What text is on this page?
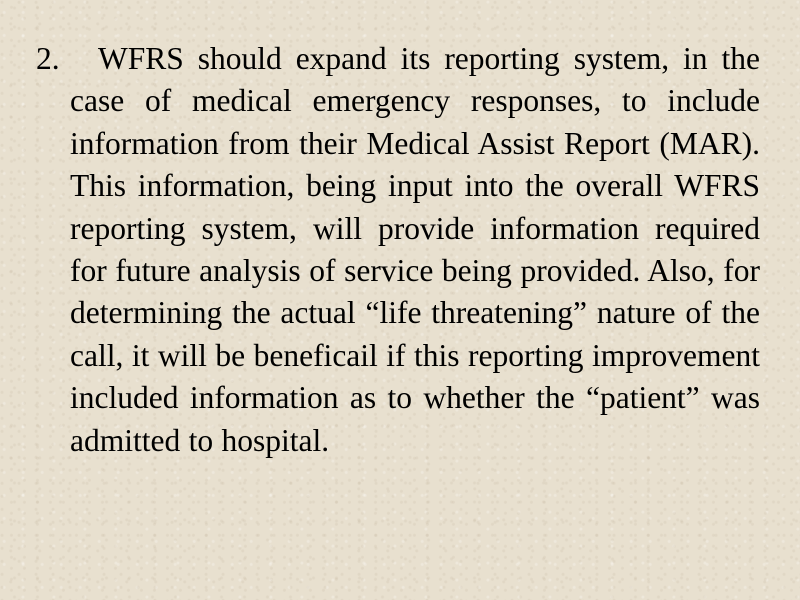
2. WFRS should expand its reporting system, in the case of medical emergency responses, to include information from their Medical Assist Report (MAR). This information, being input into the overall WFRS reporting system, will provide information required for future analysis of service being provided. Also, for determining the actual “life threatening” nature of the call, it will be beneficail if this reporting improvement included information as to whether the “patient” was admitted to hospital.
